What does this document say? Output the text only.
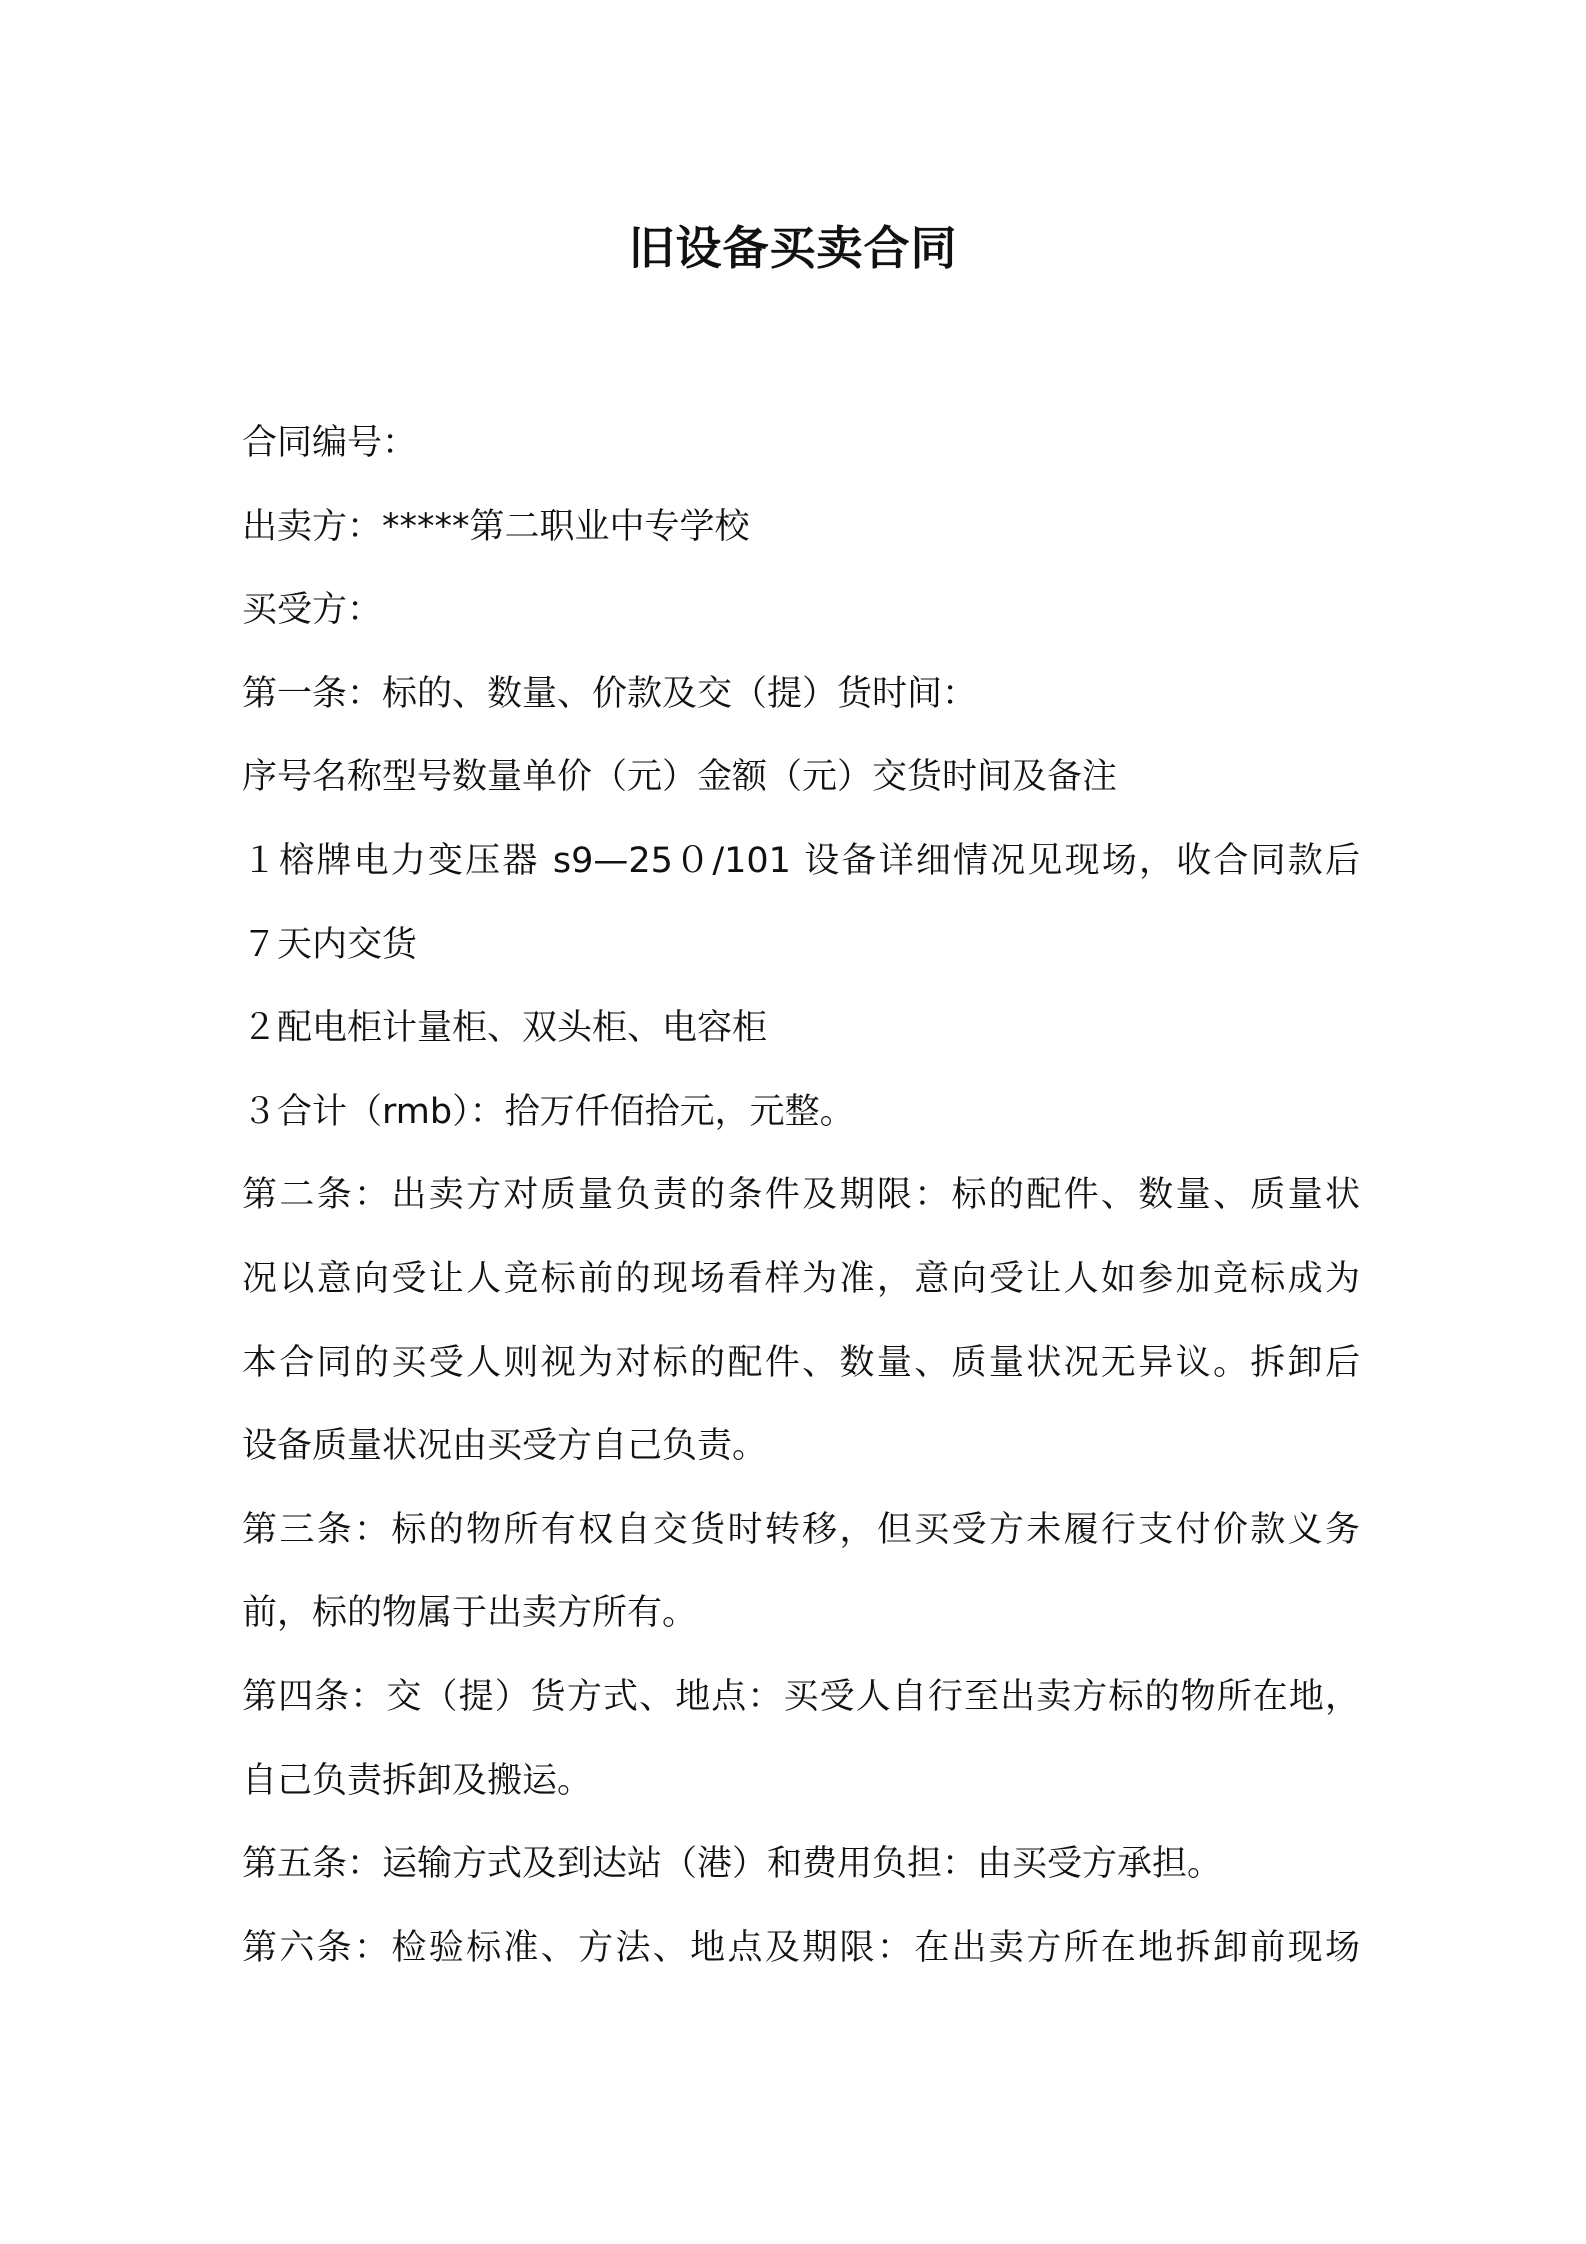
旧设备买卖合同
合同编号：
出卖方：*****第二职业中专学校
买受方：
第一条：标的、数量、价款及交（提）货时间：
序号名称型号数量单价（元）金额（元）交货时间及备注
１榕牌电力变压器 s9—25０/101 设备详细情况见现场，收合同款后
７天内交货
２配电柜计量柜、双头柜、电容柜
３合计（rmb）：拾万仟佰拾元，元整。
第二条：出卖方对质量负责的条件及期限：标的配件、数量、质量状
况以意向受让人竞标前的现场看样为准，意向受让人如参加竞标成为
本合同的买受人则视为对标的配件、数量、质量状况无异议。拆卸后
设备质量状况由买受方自己负责。
第三条：标的物所有权自交货时转移，但买受方未履行支付价款义务
前，标的物属于出卖方所有。
第四条：交（提）货方式、地点：买受人自行至出卖方标的物所在地，
自己负责拆卸及搬运。
第五条：运输方式及到达站（港）和费用负担：由买受方承担。
第六条：检验标准、方法、地点及期限：在出卖方所在地拆卸前现场
